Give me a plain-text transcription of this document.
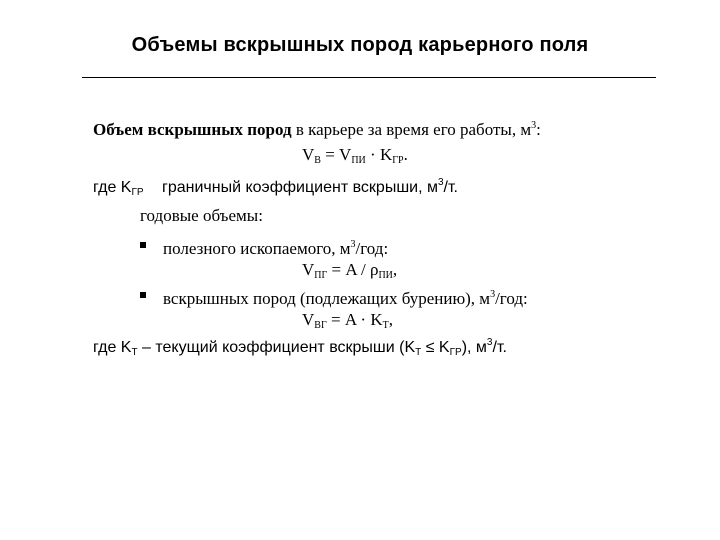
Объемы вскрышных пород карьерного поля
Объем вскрышных пород в карьере за время его работы, $м^3$:
$V_В = V_{ПИ} \cdot K_{ГР}$.
где $K_{ГР}$ граничный коэффициент вскрыши, $м^3/т$.
годовые объемы:
полезного ископаемого, $м^3$/год:
$V_{ПГ} = A / \rho_{ПИ}$,
вскрышных пород (подлежащих бурению), $м^3$/год:
$V_{ВГ} = A \cdot K_Т$,
где $K_Т$ – текущий коэффициент вскрыши $(K_Т \le K_{ГР})$, $м^3/т$.
